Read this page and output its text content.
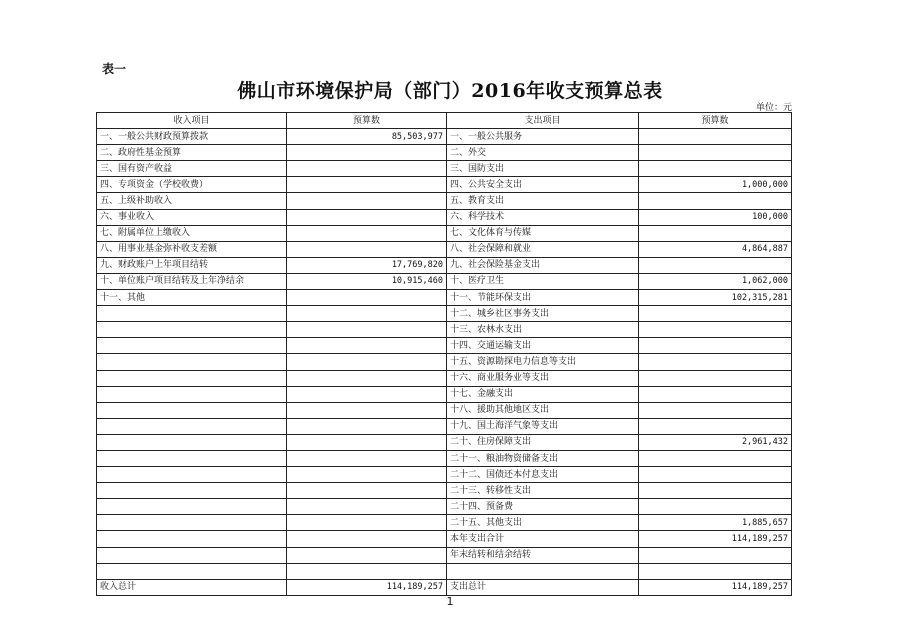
表一
佛山市环境保护局（部门）2016年收支预算总表
单位：元
收入项目	预算数	支出项目	预算数
一、一般公共财政预算拨款	85,503,977	一、一般公共服务	
二、政府性基金预算		二、外交	
三、国有资产收益		三、国防支出	
四、专项资金（学校收费）		四、公共安全支出	1,000,000
五、上级补助收入		五、教育支出	
六、事业收入		六、科学技术	100,000
七、附属单位上缴收入		七、文化体育与传媒	
八、用事业基金弥补收支差额		八、社会保障和就业	4,864,887
九、财政账户上年项目结转	17,769,820	九、社会保险基金支出	
十、单位账户项目结转及上年净结余	10,915,460	十、医疗卫生	1,062,000
十一、其他		十一、节能环保支出	102,315,281
		十二、城乡社区事务支出	
		十三、农林水支出	
		十四、交通运输支出	
		十五、资源勘探电力信息等支出	
		十六、商业服务业等支出	
		十七、金融支出	
		十八、援助其他地区支出	
		十九、国土海洋气象等支出	
		二十、住房保障支出	2,961,432
		二十一、粮油物资储备支出	
		二十二、国债还本付息支出	
		二十三、转移性支出	
		二十四、预备费	
		二十五、其他支出	1,885,657
		本年支出合计	114,189,257
		年末结转和结余结转	

收入总计	114,189,257	支出总计	114,189,257
1
